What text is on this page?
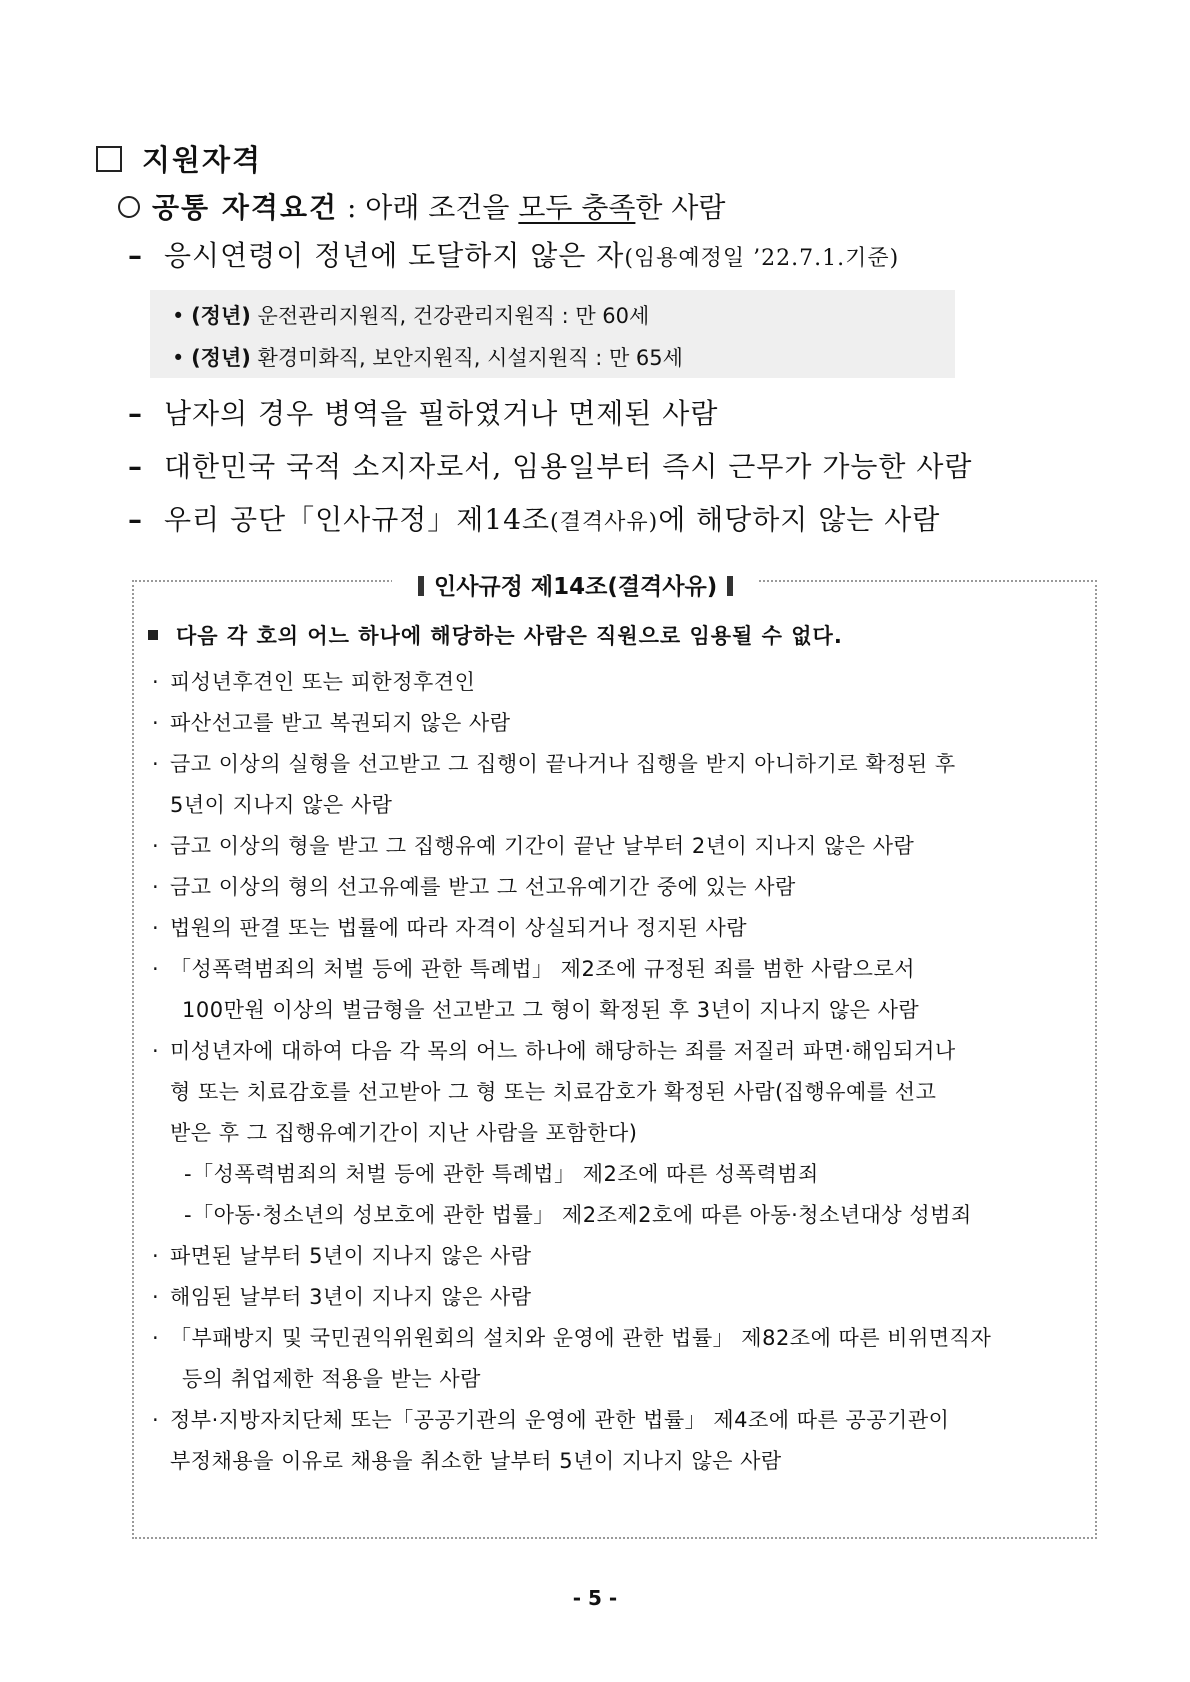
지원자격
공통 자격요건 : 아래 조건을 모두 충족한 사람
– 응시연령이 정년에 도달하지 않은 자(임용예정일 ’22.7.1.기준)
• (정년) 운전관리지원직, 건강관리지원직 : 만 60세
• (정년) 환경미화직, 보안지원직, 시설지원직 : 만 65세
– 남자의 경우 병역을 필하였거나 면제된 사람
– 대한민국 국적 소지자로서, 임용일부터 즉시 근무가 가능한 사람
– 우리 공단「인사규정」제14조(결격사유)에 해당하지 않는 사람
인사규정 제14조(결격사유)
다음 각 호의 어느 하나에 해당하는 사람은 직원으로 임용될 수 없다.
· 피성년후견인 또는 피한정후견인
· 파산선고를 받고 복권되지 않은 사람
· 금고 이상의 실형을 선고받고 그 집행이 끝나거나 집행을 받지 아니하기로 확정된 후
5년이 지나지 않은 사람
· 금고 이상의 형을 받고 그 집행유예 기간이 끝난 날부터 2년이 지나지 않은 사람
· 금고 이상의 형의 선고유예를 받고 그 선고유예기간 중에 있는 사람
· 법원의 판결 또는 법률에 따라 자격이 상실되거나 정지된 사람
· 「성폭력범죄의 처벌 등에 관한 특례법」 제2조에 규정된 죄를 범한 사람으로서
100만원 이상의 벌금형을 선고받고 그 형이 확정된 후 3년이 지나지 않은 사람
· 미성년자에 대하여 다음 각 목의 어느 하나에 해당하는 죄를 저질러 파면·해임되거나
형 또는 치료감호를 선고받아 그 형 또는 치료감호가 확정된 사람(집행유예를 선고
받은 후 그 집행유예기간이 지난 사람을 포함한다)
-「성폭력범죄의 처벌 등에 관한 특례법」 제2조에 따른 성폭력범죄
-「아동·청소년의 성보호에 관한 법률」 제2조제2호에 따른 아동·청소년대상 성범죄
· 파면된 날부터 5년이 지나지 않은 사람
· 해임된 날부터 3년이 지나지 않은 사람
· 「부패방지 및 국민권익위원회의 설치와 운영에 관한 법률」 제82조에 따른 비위면직자
등의 취업제한 적용을 받는 사람
· 정부·지방자치단체 또는「공공기관의 운영에 관한 법률」 제4조에 따른 공공기관이
부정채용을 이유로 채용을 취소한 날부터 5년이 지나지 않은 사람
- 5 -
